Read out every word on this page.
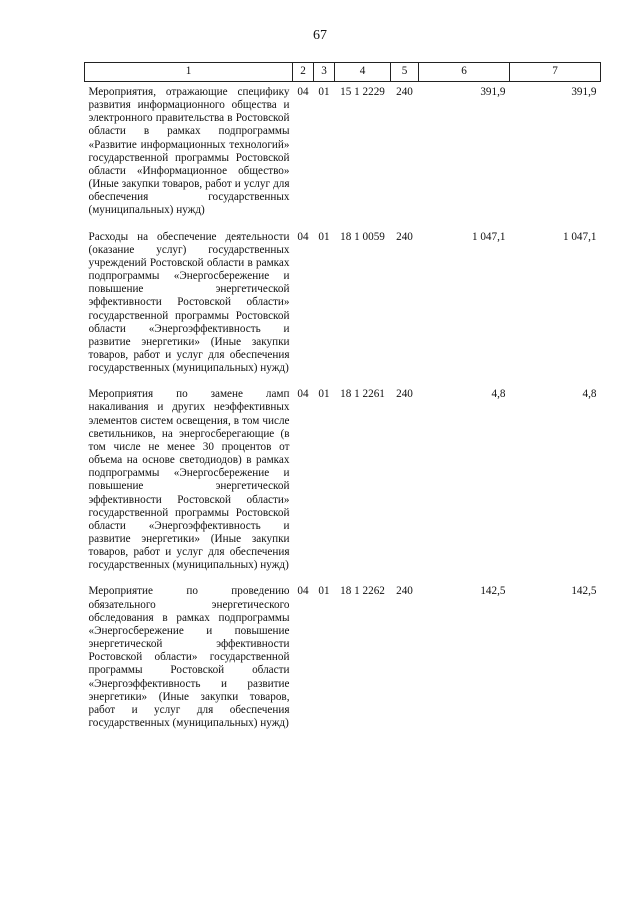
67
1	2	3	4	5	6	7
Мероприятия, отражающие специфику развития информационного общества и электронного правительства в Ростовской области в рамках подпрограммы «Развитие информационных технологий» государственной программы Ростовской области «Информационное общество» (Иные закупки товаров, работ и услуг для обеспечения государственных (муниципальных) нужд)	04	01	15 1 2229	240	391,9	391,9
Расходы на обеспечение деятельности (оказание услуг) государственных учреждений Ростовской области в рамках подпрограммы «Энергосбережение и повышение энергетической эффективности Ростовской области» государственной программы Ростовской области «Энергоэффективность и развитие энергетики» (Иные закупки товаров, работ и услуг для обеспечения государственных (муниципальных) нужд)	04	01	18 1 0059	240	1 047,1	1 047,1
Мероприятия по замене ламп накаливания и других неэффективных элементов систем освещения, в том числе светильников, на энергосберегающие (в том числе не менее 30 процентов от объема на основе светодиодов) в рамках подпрограммы «Энергосбережение и повышение энергетической эффективности Ростовской области» государственной программы Ростовской области «Энергоэффективность и развитие энергетики» (Иные закупки товаров, работ и услуг для обеспечения государственных (муниципальных) нужд)	04	01	18 1 2261	240	4,8	4,8
Мероприятие по проведению обязательного энергетического обследования в рамках подпрограммы «Энергосбережение и повышение энергетической эффективности Ростовской области» государственной программы Ростовской области «Энергоэффективность и развитие энергетики» (Иные закупки товаров, работ и услуг для обеспечения государственных (муниципальных) нужд)	04	01	18 1 2262	240	142,5	142,5
